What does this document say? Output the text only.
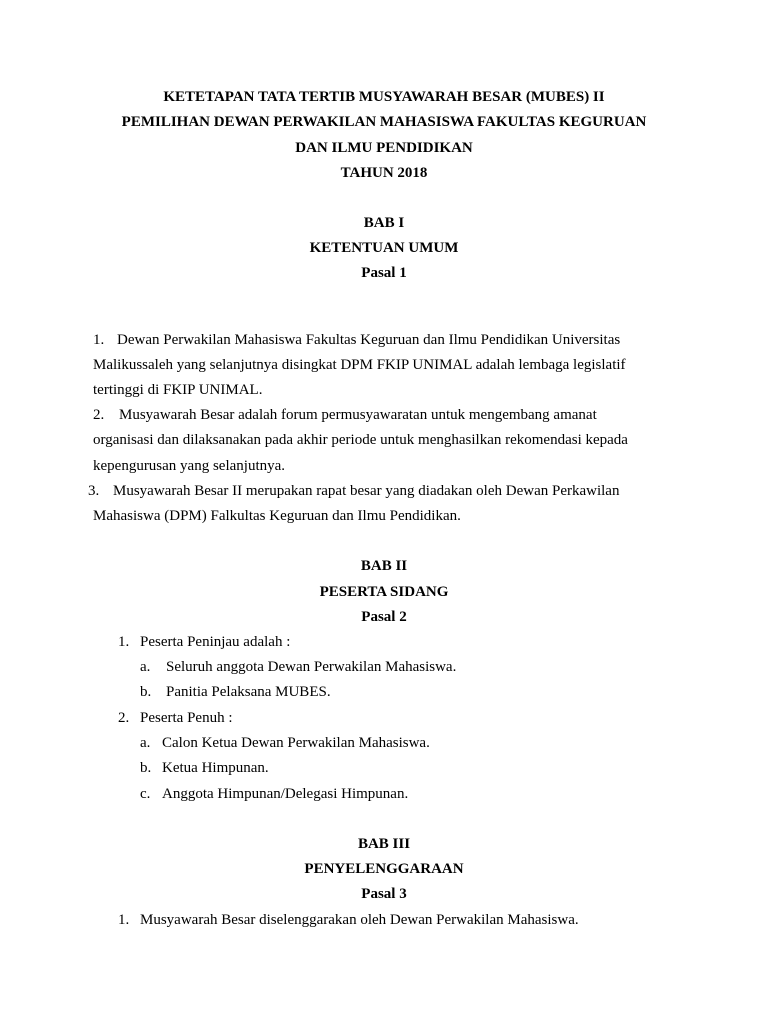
KETETAPAN TATA TERTIB MUSYAWARAH BESAR (MUBES) II
PEMILIHAN DEWAN PERWAKILAN MAHASISWA FAKULTAS KEGURUAN
DAN ILMU PENDIDIKAN
TAHUN 2018
BAB I
KETENTUAN UMUM
Pasal 1
1. Dewan Perwakilan Mahasiswa Fakultas Keguruan dan Ilmu Pendidikan Universitas
Malikussaleh yang selanjutnya disingkat DPM FKIP UNIMAL adalah lembaga legislatif
tertinggi di FKIP UNIMAL.
2. Musyawarah Besar adalah forum permusyawaratan untuk mengembang amanat
organisasi dan dilaksanakan pada akhir periode untuk menghasilkan rekomendasi kepada
kepengurusan yang selanjutnya.
3. Musyawarah Besar II merupakan rapat besar yang diadakan oleh Dewan Perkawilan
Mahasiswa (DPM) Falkultas Keguruan dan Ilmu Pendidikan.
BAB II
PESERTA SIDANG
Pasal 2
1. Peserta Peninjau adalah :
a. Seluruh anggota Dewan Perwakilan Mahasiswa.
b. Panitia Pelaksana MUBES.
2. Peserta Penuh :
a. Calon Ketua Dewan Perwakilan Mahasiswa.
b. Ketua Himpunan.
c. Anggota Himpunan/Delegasi Himpunan.
BAB III
PENYELENGGARAAN
Pasal 3
1. Musyawarah Besar diselenggarakan oleh Dewan Perwakilan Mahasiswa.
